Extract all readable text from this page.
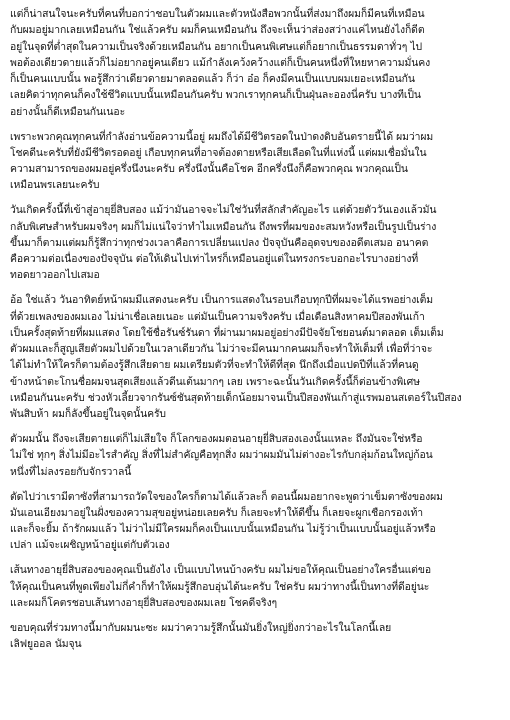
แต่ก็น่าสนใจนะครับที่คนที่บอกว่าชอบในตัวผมและตัวหนังสือพวกนั้นที่ส่งมาถึงผมก็มีคนที่เหมือน
กับผมอยู่มากเลยเหมือนกัน ใช่แล้วครับ ผมก็คนเหมือนกัน ถึงจะเห็นว่าส่องสว่างแค่ไหนยังไงก็ดีต
อยู่ในจุดที่ต่ำสุดในความเป็นจริงด้วยเหมือนกัน อยากเป็นคนพิเศษแต่ก็อยากเป็นธรรมดาทั่วๆ ไป
พอต้องเดียวดายแล้วก็ไม่อยากอยู่คนเดียว แม้กำลังเคว้งคว้างแต่ก็เป็นคนหนึ่งที่ใหยหาความมั่นคง
ก็เป็นคนแบบนั้น พอรู้สึกว่าเดียวดายมาตลอดแล้ว ก็ว่า อ๋อ ก็คงมีคนเป็นแบบผมเยอะเหมือนกัน
เลยคิดว่าทุกคนก็คงใช้ชีวิตแบบนั้นเหมือนกันครับ พวกเราทุกคนก็เป็นฝุ่นละอองนี่ครับ บางทีเป็น
อย่างนั้นก็ดีเหมือนกันเนอะ
เพราะพวกคุณทุกคนที่กำลังอ่านข้อความนี้อยู่ ผมถึงได้มีชีวิตรอดในป่าดงดิบอันตรายนี้ได้ ผมว่าผม
โชคดีนะครับที่ยังมีชีวิตรอดอยู่ เกือบทุกคนที่อาจต้องตายหรือเสียเลือดในที่แห่งนี้ แต่ผมเชื่อมั่นใน
ความสามารถของผมอยู่ครึ่งนึงนะครับ ครึ่งนึงนั้นคือโชค อีกครึ่งนึงก็คือพวกคุณ พวกคุณเป็น
เหมือนพรเลยนะครับ
วันเกิดครั้งนี้ที่เข้าสู่อายุยี่สิบสอง แม้ว่ามันอาจจะไม่ใช่วันที่สลักสำคัญอะไร แต่ด้วยตัววันเองแล้วมัน
กลับพิเศษสำหรับผมจริงๆ ผมก็ไม่แน่ใจว่าทำไมเหมือนกัน ถึงพรที่ผมของะสมหวังหรือเป็นรูปเป็นร่าง
ขึ้นมาก็ตามแต่ผมก็รู้สึกว่าทุกช่วงเวลาคือการเปลี่ยนแปลง ปัจจุบันคืออุดจบของอดีตเสมอ อนาคต
คือความต่อเนื่องของปัจจุบัน ต่อให้เดินไปเท่าไหร่ก็เหมือนอยู่แต่ในทรงกระบอกอะไรบางอย่างที่
ทอดยาวออกไปเสมอ
อ้อ ใช่แล้ว วันอาทิตย์หน้าผมมีแสดงนะครับ เป็นการแสดงในรอบเกือบทุกปีที่ผมจะได้แรพอย่างเต็ม
ที่ด้วยเพลงของผมเอง ไม่น่าเชื่อเลยเนอะ แต่มันเป็นความจริงครับ เมื่อเดือนสิงหาคมปีสองพันเก้า
เป็นครั้งสุดท้ายที่ผมแสดง โดยใช้ชื่อรันซ์รันดา ที่ผ่านมาผมอยู่อย่างมีปัจจัยโชยอนต์มาตลอด เต็มเต็ม
ตัวผมและก็สูญเสียตัวผมไปด้วยในเวลาเดียวกัน ไม่ว่าจะมีคนมากคนผมก็จะทำให้เต็มที่ เพื่อที่ว่าจะ
ได้ไม่ทำให้ใครก็ตามต้องรู้สึกเสียดาย ผมเตรียมตัวที่จะทำให้ดีที่สุด นึกถึงเมื่อแปดปีที่แล้วที่คนดู
ข้างหน้าตะโกนชื่อผมจนสุดเสียงแล้วดีนเต้นมากๆ เลย เพราะฉะนั้นวันเกิดครั้งนี้ก็ต่อนข้างพิเศษ
เหมือนกันนะครับ ช่วงหัวเลี้ยวจากรันซ์ชันสุดท้ายเด็กน้อยมาจนเป็นปีสองพันเก้าสู่แรพมอนสเตอร์ในปีสอง
พันสิบห้า ผมก็ลังขึ้นอยู่ในจุดนั้นครับ
ตัวผมนั้น ถึงจะเสียตายแต่ก็ไม่เสียใจ ก็โลกของผมตอนอายุยี่สิบสองเองนั้นแหละ ถึงมันจะใช่หรือ
ไม่ใช่ ทุกๆ สิ่งไม่มีอะไรสำคัญ สิ่งที่ไม่สำคัญคือทุกสิ่ง ผมว่าผมมันไม่ต่างอะไรกับกลุ่มก้อนใหญ่ก้อน
หนึ่งที่ไม่ลงรอยกับจักรวาลนี้
ตัดไปว่าเรามีตาซังที่สามารถวัดใจของใครก็ตามได้แล้วละก็ ตอนนี้ผมอยากจะพูดว่าเข็มตาซังของผม
มันเอนเอียงมาอยู่ในฝั่งของความสุขอยู่หน่อยเลยครับ ก็เลยจะทำให้ดีขึ้น ก็เลยจะผูกเชือกรองเท้า
และก็จะยิ้ม ถ้ารักผมแล้ว ไม่ว่าไม่มีใครผมก็คงเป็นแบบนั้นเหมือนกัน ไม่รู้ว่าเป็นแบบนั้นอยู่แล้วหรือ
เปล่า แม้จะเผชิญหน้าอยู่แต่กับตัวเอง
เส้นทางอายุยี่สิบสองของคุณเป็นยังไง เป็นแบบไหนบ้างครับ ผมไม่ขอให้คุณเป็นอย่างใครอื่นแต่ขอ
ให้คุณเป็นคนที่พูดเพียงไม่กี่คำก็ทำให้ผมรู้สึกอบอุ่นได้นะครับ ใช่ครับ ผมว่าทางนี้เป็นทางที่ดีอยู่นะ
และผมก็โคตรชอบเส้นทางอายุยี่สิบสองของผมเลย โชคดีจริงๆ
ขอบคุณที่ร่วมทางนี้มากับผมนะซะ ผมว่าความรู้สึกนั้นมันยิ่งใหญ่ยิ่งกว่าอะไรในโลกนี้เลย
เลิฟยูออล นัมจุน
